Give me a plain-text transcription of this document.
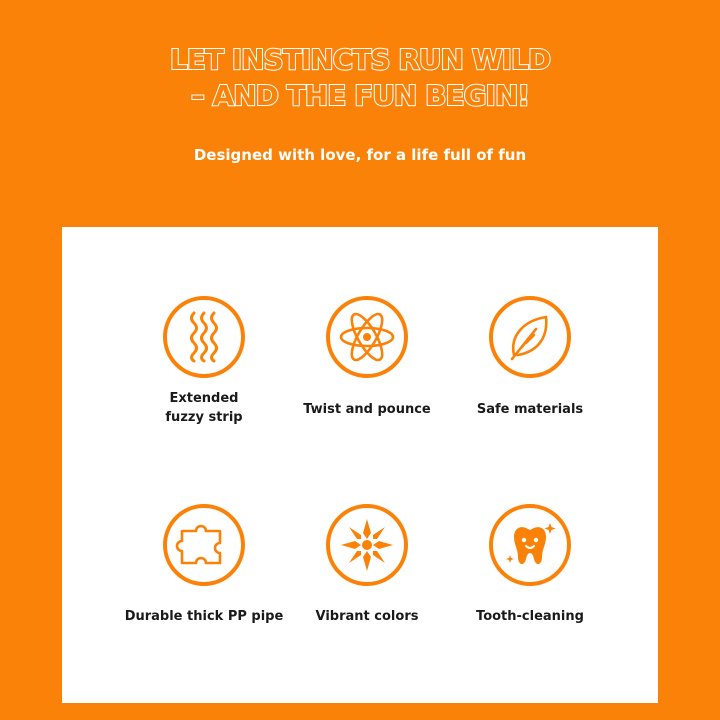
LET INSTINCTS RUN WILD
– AND THE FUN BEGIN!

Designed with love, for a life full of fun

Extended
fuzzy strip
Twist and pounce	Safe materials
Durable thick PP pipe	Vibrant colors	Tooth-cleaning
